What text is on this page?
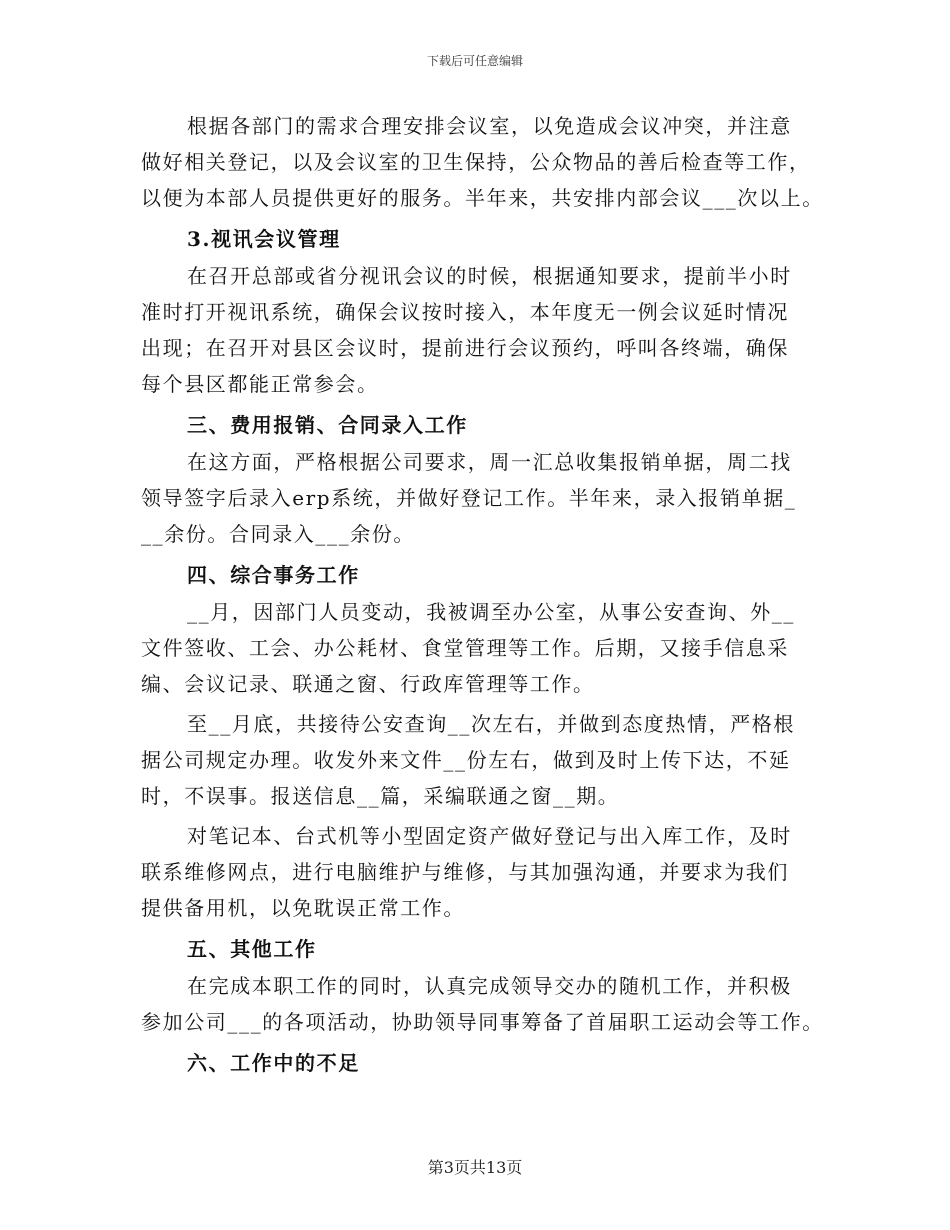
下载后可任意编辑
根据各部门的需求合理安排会议室，以免造成会议冲突，并注意
做好相关登记，以及会议室的卫生保持，公众物品的善后检查等工作，
以便为本部人员提供更好的服务。半年来，共安排内部会议___次以上。
3.视讯会议管理
在召开总部或省分视讯会议的时候，根据通知要求，提前半小时
准时打开视讯系统，确保会议按时接入，本年度无一例会议延时情况
出现；在召开对县区会议时，提前进行会议预约，呼叫各终端，确保
每个县区都能正常参会。
三、费用报销、合同录入工作
在这方面，严格根据公司要求，周一汇总收集报销单据，周二找
领导签字后录入erp系统，并做好登记工作。半年来，录入报销单据_
__余份。合同录入___余份。
四、综合事务工作
__月，因部门人员变动，我被调至办公室，从事公安查询、外__
文件签收、工会、办公耗材、食堂管理等工作。后期，又接手信息采
编、会议记录、联通之窗、行政库管理等工作。
至__月底，共接待公安查询__次左右，并做到态度热情，严格根
据公司规定办理。收发外来文件__份左右，做到及时上传下达，不延
时，不误事。报送信息__篇，采编联通之窗__期。
对笔记本、台式机等小型固定资产做好登记与出入库工作，及时
联系维修网点，进行电脑维护与维修，与其加强沟通，并要求为我们
提供备用机，以免耽误正常工作。
五、其他工作
在完成本职工作的同时，认真完成领导交办的随机工作，并积极
参加公司___的各项活动，协助领导同事筹备了首届职工运动会等工作。
六、工作中的不足
第3页共13页
